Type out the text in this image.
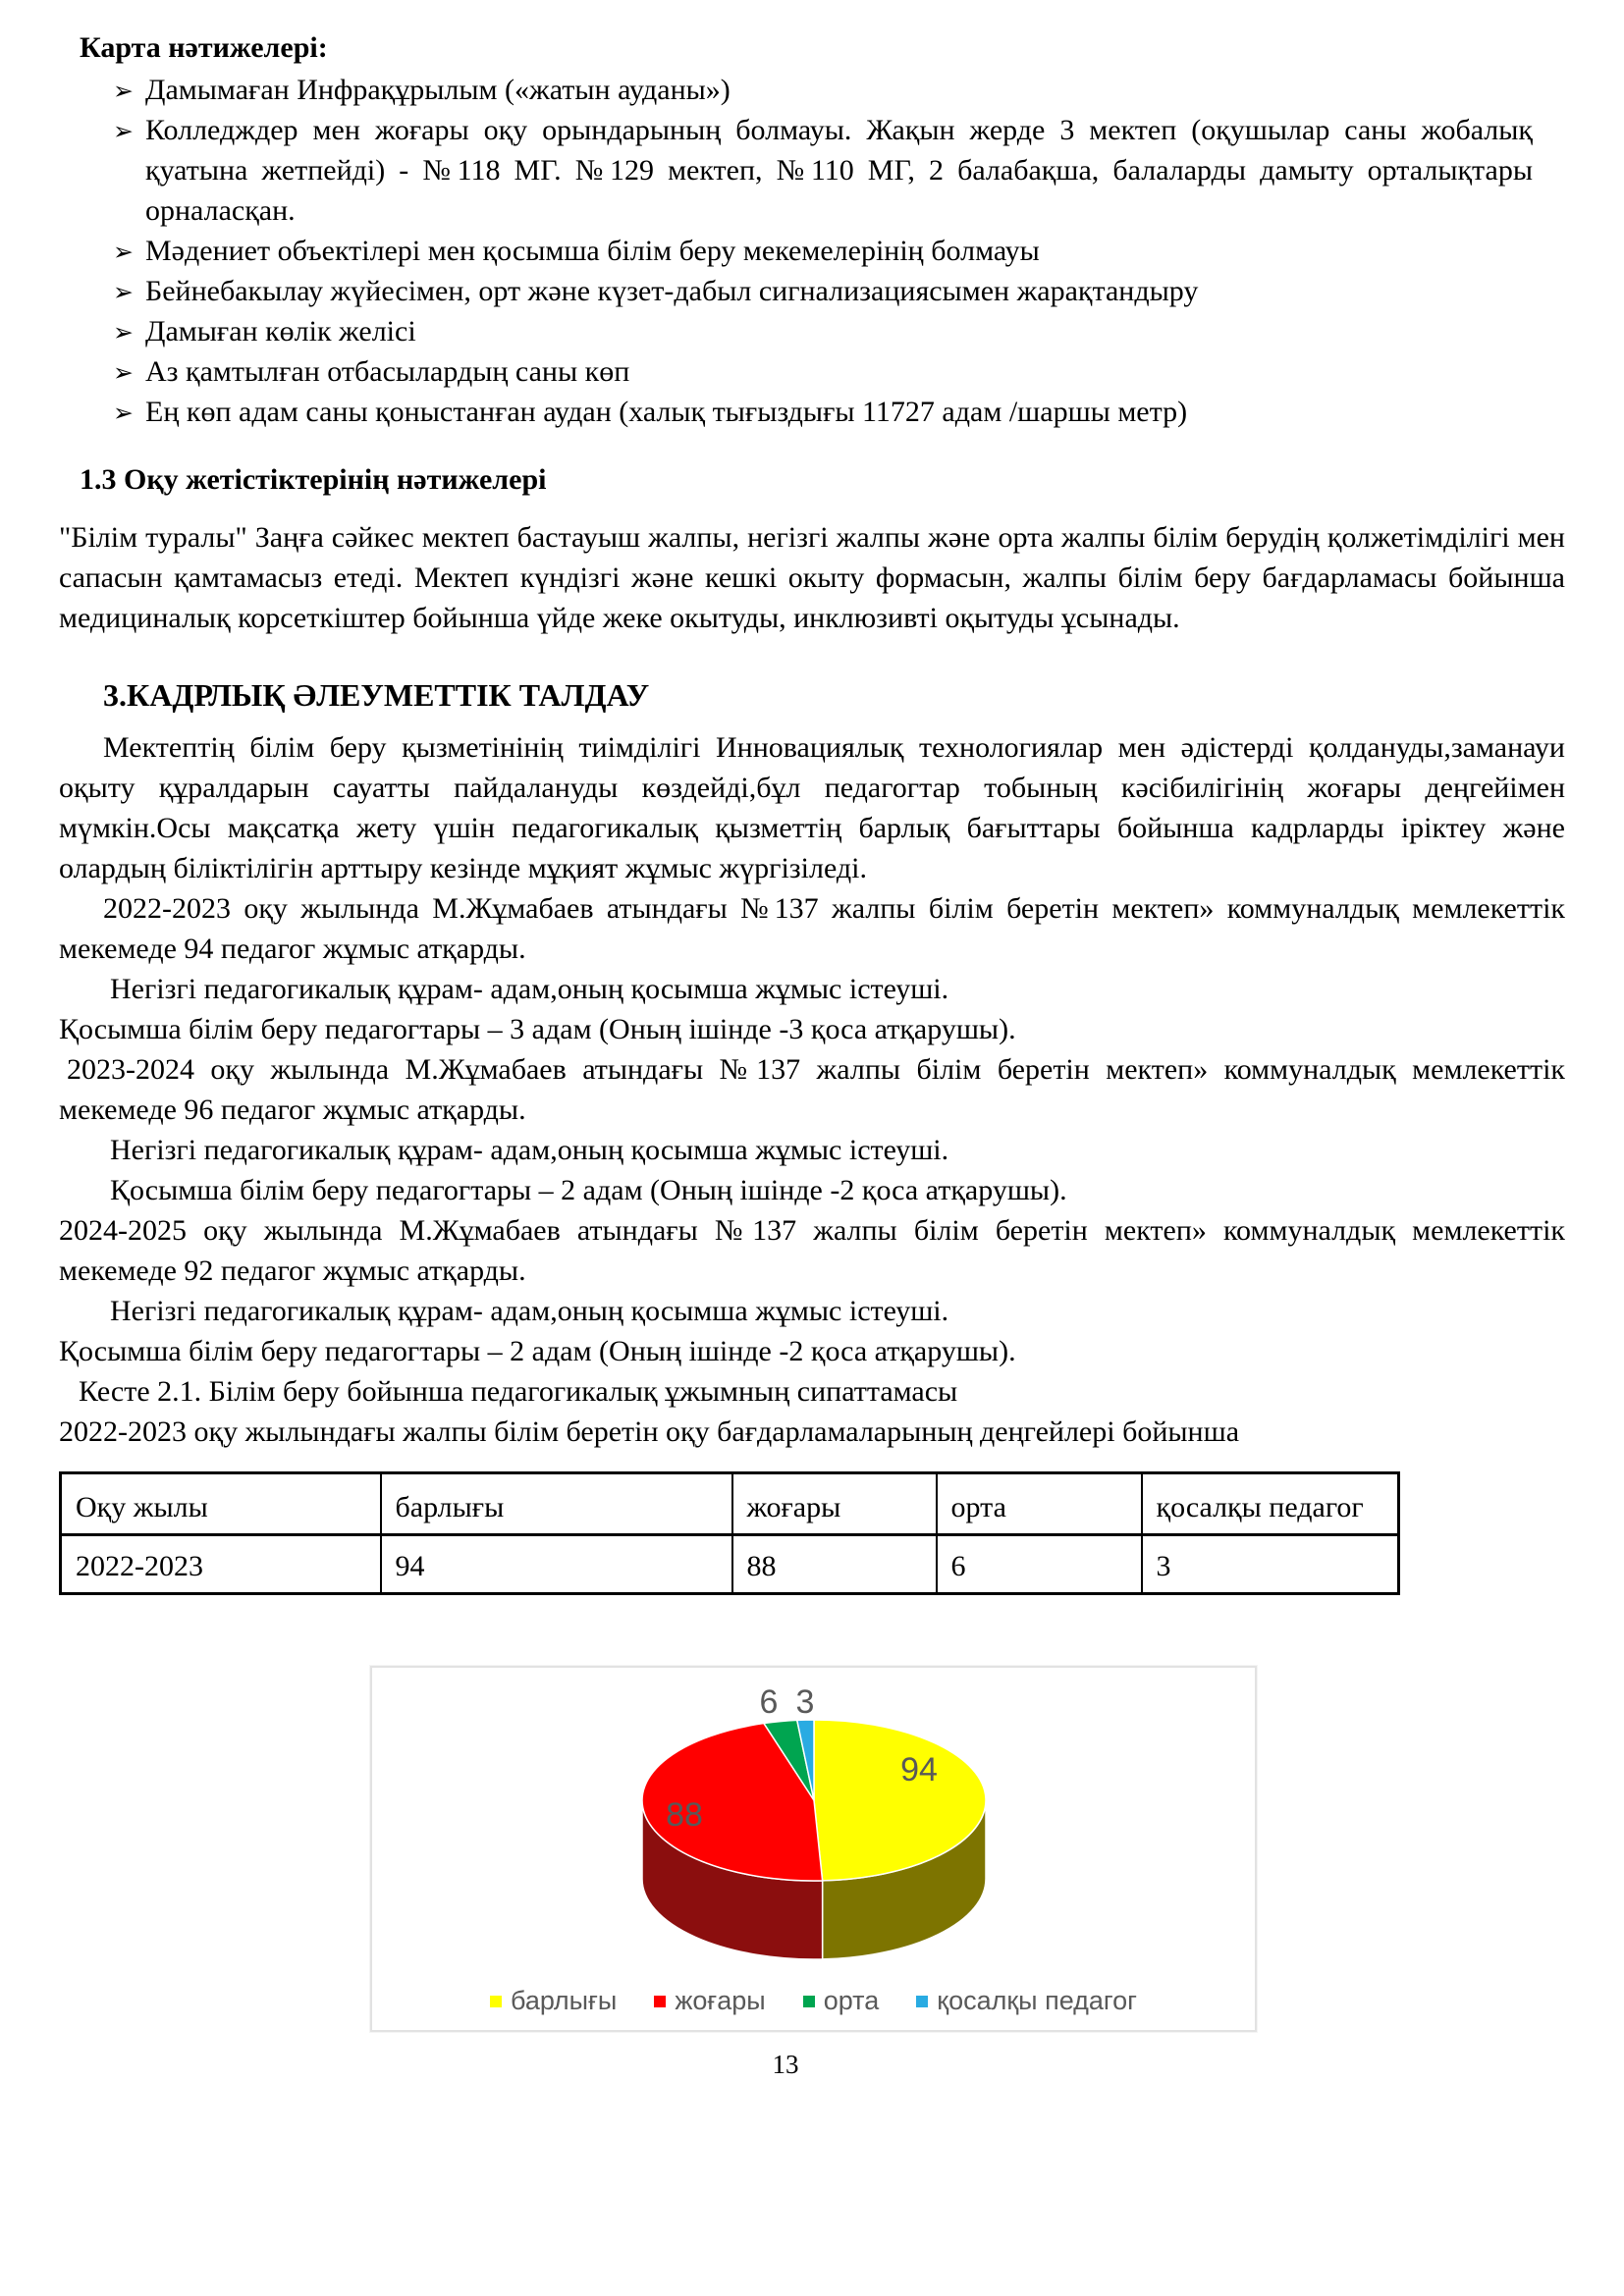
Карта нәтижелері:
➢ Дамымаған Инфрақұрылым («жатын ауданы»)
➢ Колледждер мен жоғары оқу орындарының болмауы. Жақын жерде 3 мектеп (оқушылар саны жобалық қуатына жетпейді) - №118 МГ. №129 мектеп, №110 МГ, 2 балабақша, балаларды дамыту орталықтары орналасқан.
➢ Мәдениет объектілері мен қосымша білім беру мекемелерінің болмауы
➢ Бейнебакылау жүйесімен, орт және күзет-дабыл сигнализациясымен жарақтандыру
➢ Дамыған көлік желісі
➢ Аз қамтылған отбасылардың саны көп
➢ Ең көп адам саны қоныстанған аудан (халық тығыздығы 11727 адам /шаршы метр)
1.3 Оқу жетістіктерінің нәтижелері

"Білім туралы" Заңға сәйкес мектеп бастауыш жалпы, негізгі жалпы және орта жалпы білім берудің қолжетімділігі мен сапасын қамтамасыз етеді. Мектеп күндізгі және кешкі окыту формасын, жалпы білім беру бағдарламасы бойынша медициналық корсеткіштер бойынша үйде жеке окытуды, инклюзивті оқытуды ұсынады.

3.КАДРЛЫҚ ӘЛЕУМЕТТІК ТАЛДАУ

Мектептің білім беру қызметінінің тиімділігі Инновациялық технологиялар мен әдістерді қолдануды,заманауи оқыту құралдарын сауатты пайдалануды көздейді,бұл педагогтар тобының кәсібилігінің жоғары деңгейімен мүмкін.Осы мақсатқа жету үшін педагогикалық қызметтің барлық бағыттары бойынша кадрларды іріктеу және олардың біліктілігін арттыру кезінде мұқият жұмыс жүргізіледі.

2022-2023 оқу жылында М.Жұмабаев атындағы №137 жалпы білім беретін мектеп» коммуналдық мемлекеттік мекемеде 94 педагог жұмыс атқарды.

Негізгі педагогикалық құрам- адам,оның қосымша жұмыс істеуші.

Қосымша білім беру педагогтары – 3 адам (Оның ішінде -3 қоса атқарушы).

2023-2024 оқу жылында М.Жұмабаев атындағы №137 жалпы білім беретін мектеп» коммуналдық мемлекеттік мекемеде 96 педагог жұмыс атқарды.

Негізгі педагогикалық құрам- адам,оның қосымша жұмыс істеуші.

Қосымша білім беру педагогтары – 2 адам (Оның ішінде -2 қоса атқарушы).

2024-2025 оқу жылында М.Жұмабаев атындағы №137 жалпы білім беретін мектеп» коммуналдық мемлекеттік мекемеде 92 педагог жұмыс атқарды.

Негізгі педагогикалық құрам- адам,оның қосымша жұмыс істеуші.

Қосымша білім беру педагогтары – 2 адам (Оның ішінде -2 қоса атқарушы).

Кесте 2.1. Білім беру бойынша педагогикалық ұжымның сипаттамасы

2022-2023 оқу жылындағы жалпы білім беретін оқу бағдарламаларының деңгейлері бойынша

Оқу жылы	барлығы	жоғары	орта	қосалқы педагог
2022-2023	94	88	6	3
94
88
6 3
барлығы жоғары орта қосалқы педагог
13
